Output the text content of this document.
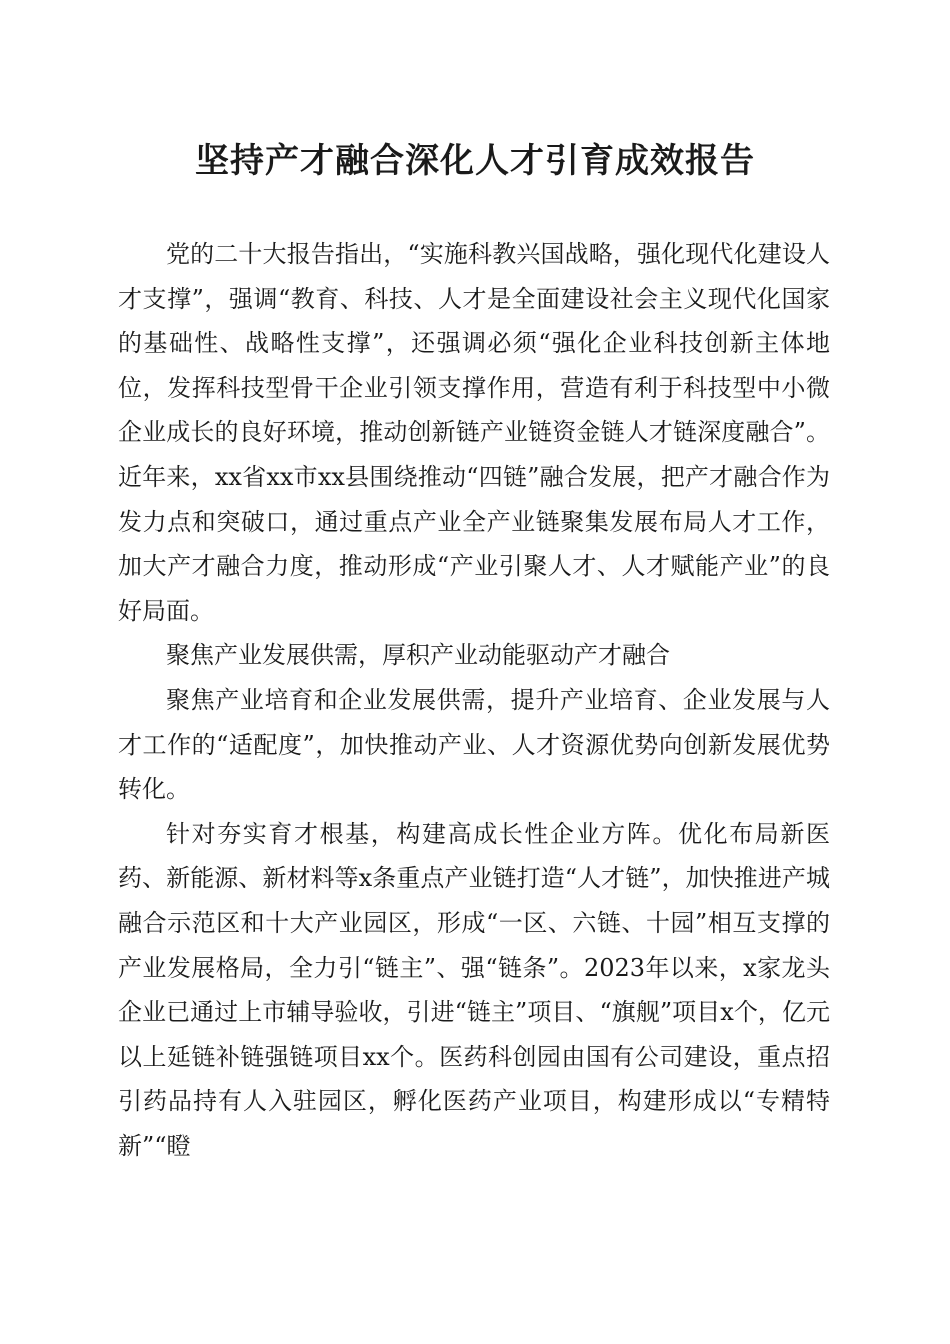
坚持产才融合深化人才引育成效报告

党的二十大报告指出，“实施科教兴国战略，强化现代化建设人才支撑”，强调“教育、科技、人才是全面建设社会主义现代化国家的基础性、战略性支撑”，还强调必须“强化企业科技创新主体地位，发挥科技型骨干企业引领支撑作用，营造有利于科技型中小微企业成长的良好环境，推动创新链产业链资金链人才链深度融合”。近年来，xx省xx市xx县围绕推动“四链”融合发展，把产才融合作为发力点和突破口，通过重点产业全产业链聚集发展布局人才工作，加大产才融合力度，推动形成“产业引聚人才、人才赋能产业”的良好局面。

聚焦产业发展供需，厚积产业动能驱动产才融合

聚焦产业培育和企业发展供需，提升产业培育、企业发展与人才工作的“适配度”，加快推动产业、人才资源优势向创新发展优势转化。

针对夯实育才根基，构建高成长性企业方阵。优化布局新医药、新能源、新材料等x条重点产业链打造“人才链”，加快推进产城融合示范区和十大产业园区，形成“一区、六链、十园”相互支撑的产业发展格局，全力引“链主”、强“链条”。2023年以来，x家龙头企业已通过上市辅导验收，引进“链主”项目、“旗舰”项目x个，亿元以上延链补链强链项目xx个。医药科创园由国有公司建设，重点招引药品持有人入驻园区，孵化医药产业项目，构建形成以“专精特新”“瞪
